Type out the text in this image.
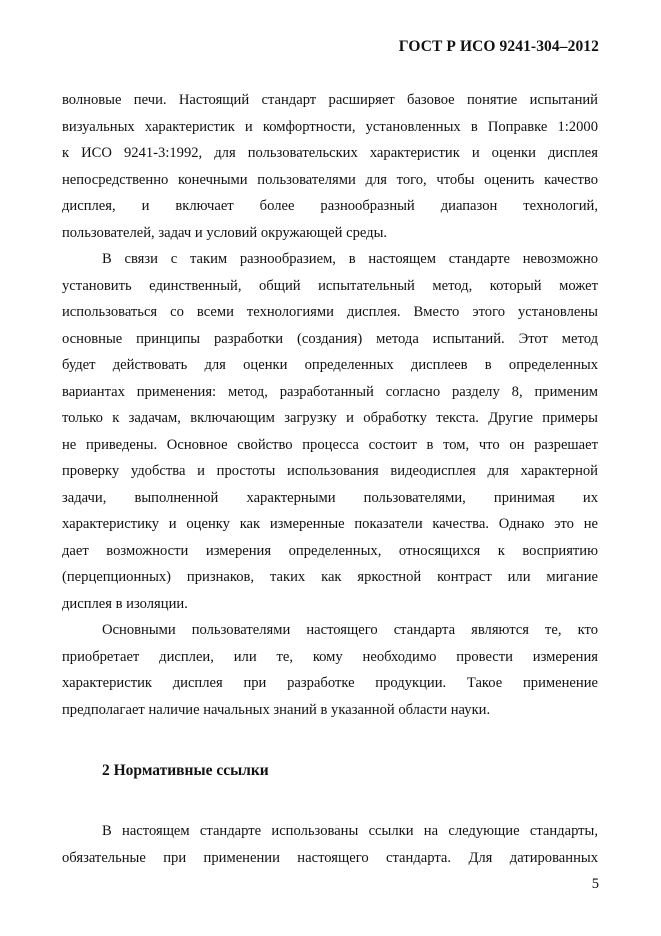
ГОСТ Р ИСО 9241-304–2012
волновые печи. Настоящий стандарт расширяет базовое понятие испытаний
визуальных характеристик и комфортности, установленных в Поправке 1:2000
к ИСО 9241-3:1992, для пользовательских характеристик и оценки дисплея
непосредственно конечными пользователями для того, чтобы оценить качество
дисплея, и включает более разнообразный диапазон технологий,
пользователей, задач и условий окружающей среды.
В связи с таким разнообразием, в настоящем стандарте невозможно
установить единственный, общий испытательный метод, который может
использоваться со всеми технологиями дисплея. Вместо этого установлены
основные принципы разработки (создания) метода испытаний. Этот метод
будет действовать для оценки определенных дисплеев в определенных
вариантах применения: метод, разработанный согласно разделу 8, применим
только к задачам, включающим загрузку и обработку текста. Другие примеры
не приведены. Основное свойство процесса состоит в том, что он разрешает
проверку удобства и простоты использования видеодисплея для характерной
задачи, выполненной характерными пользователями, принимая их
характеристику и оценку как измеренные показатели качества. Однако это не
дает возможности измерения определенных, относящихся к восприятию
(перцепционных) признаков, таких как яркостной контраст или мигание
дисплея в изоляции.
Основными пользователями настоящего стандарта являются те, кто
приобретает дисплеи, или те, кому необходимо провести измерения
характеристик дисплея при разработке продукции. Такое применение
предполагает наличие начальных знаний в указанной области науки.
2 Нормативные ссылки
В настоящем стандарте использованы ссылки на следующие стандарты,
обязательные при применении настоящего стандарта. Для датированных
5
